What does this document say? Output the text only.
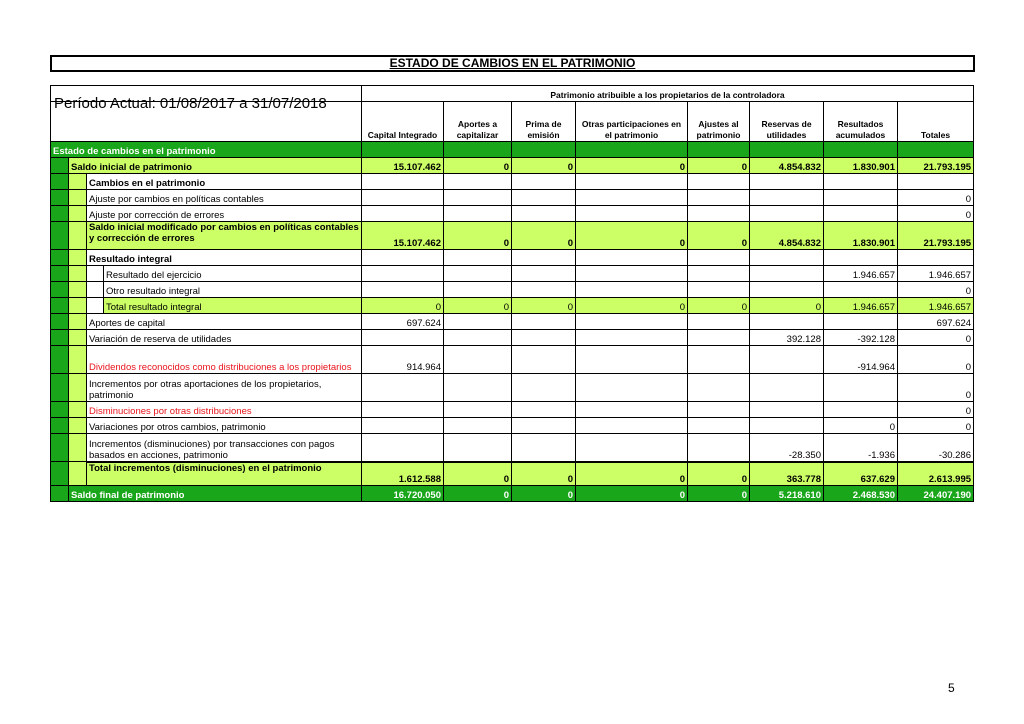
ESTADO DE CAMBIOS EN EL PATRIMONIO
Período Actual: 01/08/2017 a 31/07/2018
				Patrimonio atribuible a los propietarios de la controladora							
				Capital Integrado	Aportes a capitalizar	Prima de emisión	Otras participaciones en el patrimonio	Ajustes al patrimonio	Reservas de utilidades	Resultados acumulados	Totales
Estado de cambios en el patrimonio											
	Saldo inicial de patrimonio			15.107.462	0	0	0	0	4.854.832	1.830.901	21.793.195
		Cambios en el patrimonio									
		Ajuste por cambios en políticas contables									0
		Ajuste por corrección de errores									0
		Saldo inicial modificado por cambios en políticas contables y corrección de errores		15.107.462	0	0	0	0	4.854.832	1.830.901	21.793.195
		Resultado integral									
			Resultado del ejercicio							1.946.657	1.946.657
			Otro resultado integral								0
			Total resultado integral	0	0	0	0	0	0	1.946.657	1.946.657
		Aportes de capital		697.624							697.624
		Variación de reserva de utilidades							392.128	-392.128	0
		Dividendos reconocidos como distribuciones a los propietarios		914.964						-914.964	0
		Incrementos por otras aportaciones de los propietarios, patrimonio									0
		Disminuciones por otras distribuciones									0
		Variaciones por otros cambios, patrimonio								0	0
		Incrementos (disminuciones) por transacciones con pagos basados en acciones, patrimonio							-28.350	-1.936	-30.286
		Total incrementos (disminuciones) en el patrimonio		1.612.588	0	0	0	0	363.778	637.629	2.613.995
	Saldo final de patrimonio			16.720.050	0	0	0	0	5.218.610	2.468.530	24.407.190
5
